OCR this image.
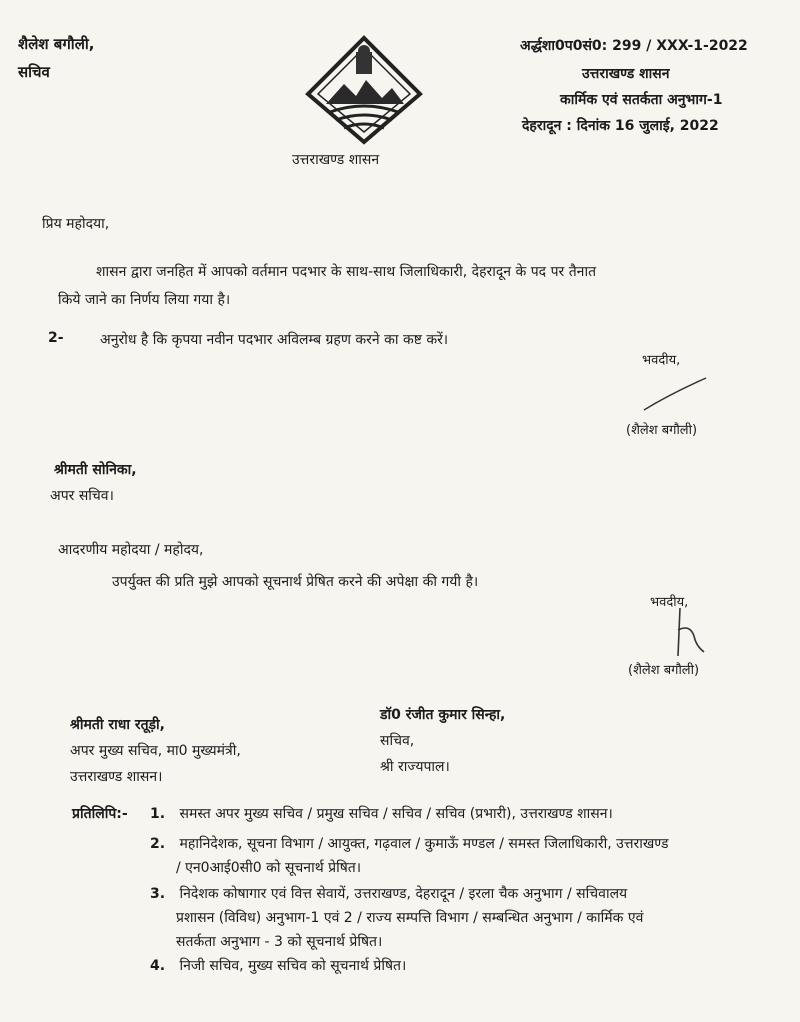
शैलेश बगौली,
सचिव
उत्तराखण्ड शासन
अर्द्धशा0प0सं0: 299 / XXX-1-2022
उत्तराखण्ड शासन
कार्मिक एवं सतर्कता अनुभाग-1
देहरादून : दिनांक 16 जुलाई, 2022
प्रिय महोदया,
शासन द्वारा जनहित में आपको वर्तमान पदभार के साथ-साथ जिलाधिकारी, देहरादून के पद पर तैनात
किये जाने का निर्णय लिया गया है।
2-	अनुरोध है कि कृपया नवीन पदभार अविलम्ब ग्रहण करने का कष्ट करें।
भवदीय,
(शैलेश बगौली)
श्रीमती सोनिका,
अपर सचिव।
आदरणीय महोदया / महोदय,
उपर्युक्त की प्रति मुझे आपको सूचनार्थ प्रेषित करने की अपेक्षा की गयी है।
भवदीय,
(शैलेश बगौली)
श्रीमती राधा रतूड़ी,
अपर मुख्य सचिव, मा0 मुख्यमंत्री,
उत्तराखण्ड शासन।
डॉ0 रंजीत कुमार सिन्हा,
सचिव,
श्री राज्यपाल।
प्रतिलिपि:- 1. समस्त अपर मुख्य सचिव / प्रमुख सचिव / सचिव / सचिव (प्रभारी), उत्तराखण्ड शासन।
2. महानिदेशक, सूचना विभाग / आयुक्त, गढ़वाल / कुमाऊँ मण्डल / समस्त जिलाधिकारी, उत्तराखण्ड
/ एन0आई0सी0 को सूचनार्थ प्रेषित।
3. निदेशक कोषागार एवं वित्त सेवायें, उत्तराखण्ड, देहरादून / इरला चैक अनुभाग / सचिवालय
प्रशासन (विविध) अनुभाग-1 एवं 2 / राज्य सम्पत्ति विभाग / सम्बन्धित अनुभाग / कार्मिक एवं
सतर्कता अनुभाग - 3 को सूचनार्थ प्रेषित।
4. निजी सचिव, मुख्य सचिव को सूचनार्थ प्रेषित।
